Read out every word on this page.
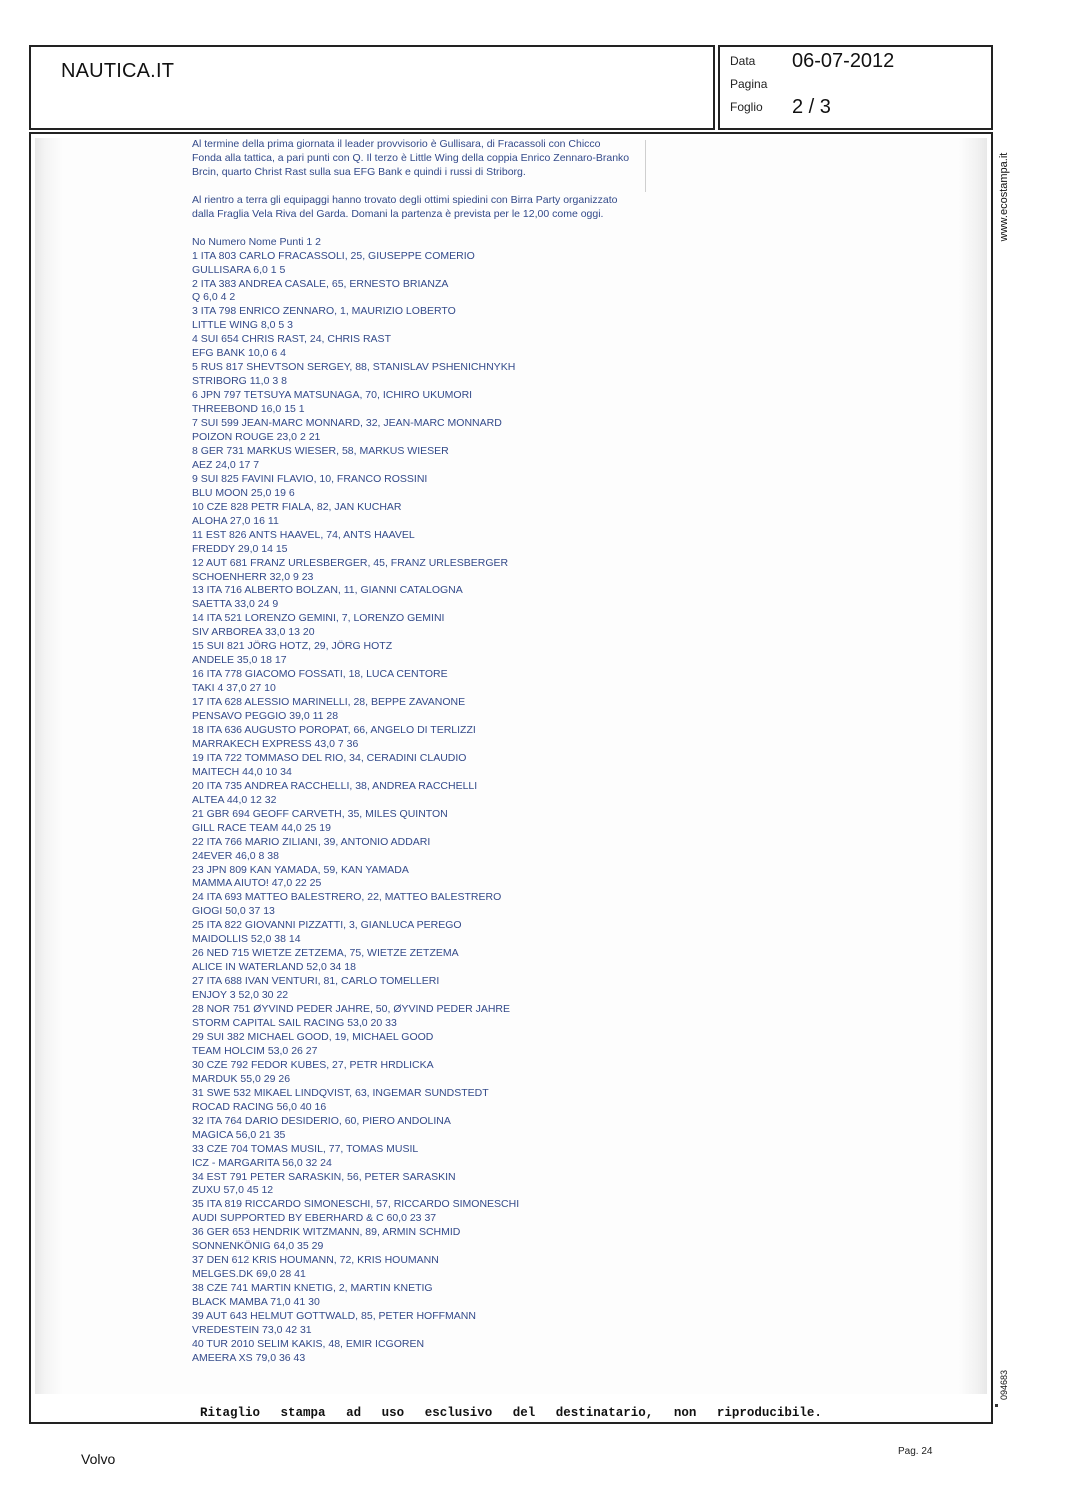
NAUTICA.IT	Data
Pagina
Foglio
06-07-2012
2 / 3

Al termine della prima giornata il leader provvisorio è Gullisara, di Fracassoli con Chicco Fonda alla tattica, a pari punti con Q. Il terzo è Little Wing della coppia Enrico Zennaro-Branko Brcin, quarto Christ Rast sulla sua EFG Bank e quindi i russi di Striborg.

Al rientro a terra gli equipaggi hanno trovato degli ottimi spiedini con Birra Party organizzato dalla Fraglia Vela Riva del Garda. Domani la partenza è prevista per le 12,00 come oggi.

No Numero Nome Punti 1 2
1 ITA 803 CARLO FRACASSOLI, 25, GIUSEPPE COMERIO
GULLISARA 6,0 1 5
2 ITA 383 ANDREA CASALE, 65, ERNESTO BRIANZA
Q 6,0 4 2
3 ITA 798 ENRICO ZENNARO, 1, MAURIZIO LOBERTO
LITTLE WING 8,0 5 3
4 SUI 654 CHRIS RAST, 24, CHRIS RAST
EFG BANK 10,0 6 4
5 RUS 817 SHEVTSON SERGEY, 88, STANISLAV PSHENICHNYKH
STRIBORG 11,0 3 8
6 JPN 797 TETSUYA MATSUNAGA, 70, ICHIRO UKUMORI
THREEBOND 16,0 15 1
7 SUI 599 JEAN-MARC MONNARD, 32, JEAN-MARC MONNARD
POIZON ROUGE 23,0 2 21
8 GER 731 MARKUS WIESER, 58, MARKUS WIESER
AEZ 24,0 17 7
9 SUI 825 FAVINI FLAVIO, 10, FRANCO ROSSINI
BLU MOON 25,0 19 6
10 CZE 828 PETR FIALA, 82, JAN KUCHAR
ALOHA 27,0 16 11
11 EST 826 ANTS HAAVEL, 74, ANTS HAAVEL
FREDDY 29,0 14 15
12 AUT 681 FRANZ URLESBERGER, 45, FRANZ URLESBERGER
SCHOENHERR 32,0 9 23
13 ITA 716 ALBERTO BOLZAN, 11, GIANNI CATALOGNA
SAETTA 33,0 24 9
14 ITA 521 LORENZO GEMINI, 7, LORENZO GEMINI
SIV ARBOREA 33,0 13 20
15 SUI 821 JÖRG HOTZ, 29, JÖRG HOTZ
ANDELE 35,0 18 17
16 ITA 778 GIACOMO FOSSATI, 18, LUCA CENTORE
TAKI 4 37,0 27 10
17 ITA 628 ALESSIO MARINELLI, 28, BEPPE ZAVANONE
PENSAVO PEGGIO 39,0 11 28
18 ITA 636 AUGUSTO POROPAT, 66, ANGELO DI TERLIZZI
MARRAKECH EXPRESS 43,0 7 36
19 ITA 722 TOMMASO DEL RIO, 34, CERADINI CLAUDIO
MAITECH 44,0 10 34
20 ITA 735 ANDREA RACCHELLI, 38, ANDREA RACCHELLI
ALTEA 44,0 12 32
21 GBR 694 GEOFF CARVETH, 35, MILES QUINTON
GILL RACE TEAM 44,0 25 19
22 ITA 766 MARIO ZILIANI, 39, ANTONIO ADDARI
24EVER 46,0 8 38
23 JPN 809 KAN YAMADA, 59, KAN YAMADA
MAMMA AIUTO! 47,0 22 25
24 ITA 693 MATTEO BALESTRERO, 22, MATTEO BALESTRERO
GIOGI 50,0 37 13
25 ITA 822 GIOVANNI PIZZATTI, 3, GIANLUCA PEREGO
MAIDOLLIS 52,0 38 14
26 NED 715 WIETZE ZETZEMA, 75, WIETZE ZETZEMA
ALICE IN WATERLAND 52,0 34 18
27 ITA 688 IVAN VENTURI, 81, CARLO TOMELLERI
ENJOY 3 52,0 30 22
28 NOR 751 ØYVIND PEDER JAHRE, 50, ØYVIND PEDER JAHRE
STORM CAPITAL SAIL RACING 53,0 20 33
29 SUI 382 MICHAEL GOOD, 19, MICHAEL GOOD
TEAM HOLCIM 53,0 26 27
30 CZE 792 FEDOR KUBES, 27, PETR HRDLICKA
MARDUK 55,0 29 26
31 SWE 532 MIKAEL LINDQVIST, 63, INGEMAR SUNDSTEDT
ROCAD RACING 56,0 40 16
32 ITA 764 DARIO DESIDERIO, 60, PIERO ANDOLINA
MAGICA 56,0 21 35
33 CZE 704 TOMAS MUSIL, 77, TOMAS MUSIL
ICZ - MARGARITA 56,0 32 24
34 EST 791 PETER SARASKIN, 56, PETER SARASKIN
ZUXU 57,0 45 12
35 ITA 819 RICCARDO SIMONESCHI, 57, RICCARDO SIMONESCHI
AUDI SUPPORTED BY EBERHARD & C 60,0 23 37
36 GER 653 HENDRIK WITZMANN, 89, ARMIN SCHMID
SONNENKÖNIG 64,0 35 29
37 DEN 612 KRIS HOUMANN, 72, KRIS HOUMANN
MELGES.DK 69,0 28 41
38 CZE 741 MARTIN KNETIG, 2, MARTIN KNETIG
BLACK MAMBA 71,0 41 30
39 AUT 643 HELMUT GOTTWALD, 85, PETER HOFFMANN
VREDESTEIN 73,0 42 31
40 TUR 2010 SELIM KAKIS, 48, EMIR ICGOREN
AMEERA XS 79,0 36 43
www.ecostampa.it
094683
Ritaglio stampa ad uso esclusivo del destinatario, non riproducibile.
Volvo	Pag. 24
